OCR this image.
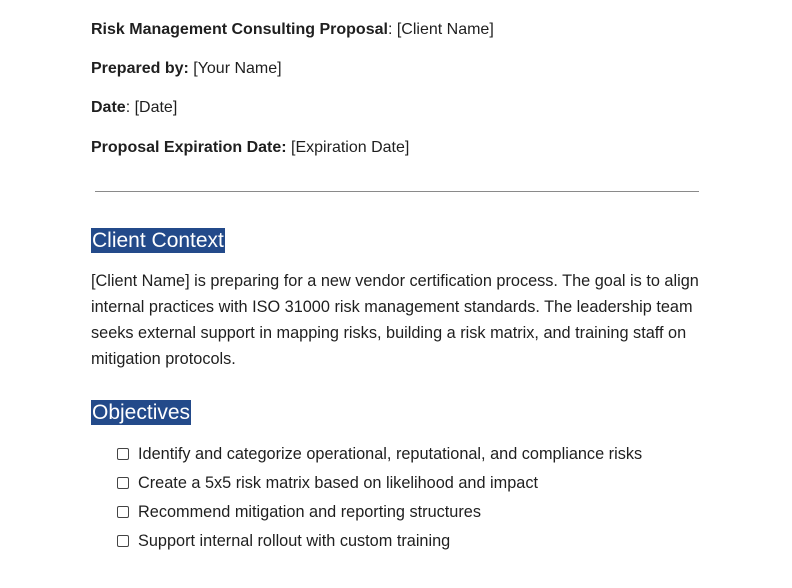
Risk Management Consulting Proposal: [Client Name]
Prepared by: [Your Name]
Date: [Date]
Proposal Expiration Date: [Expiration Date]
Client Context

[Client Name] is preparing for a new vendor certification process. The goal is to align internal practices with ISO 31000 risk management standards. The leadership team seeks external support in mapping risks, building a risk matrix, and training staff on mitigation protocols.

Objectives
Identify and categorize operational, reputational, and compliance risks
Create a 5x5 risk matrix based on likelihood and impact
Recommend mitigation and reporting structures
Support internal rollout with custom training
